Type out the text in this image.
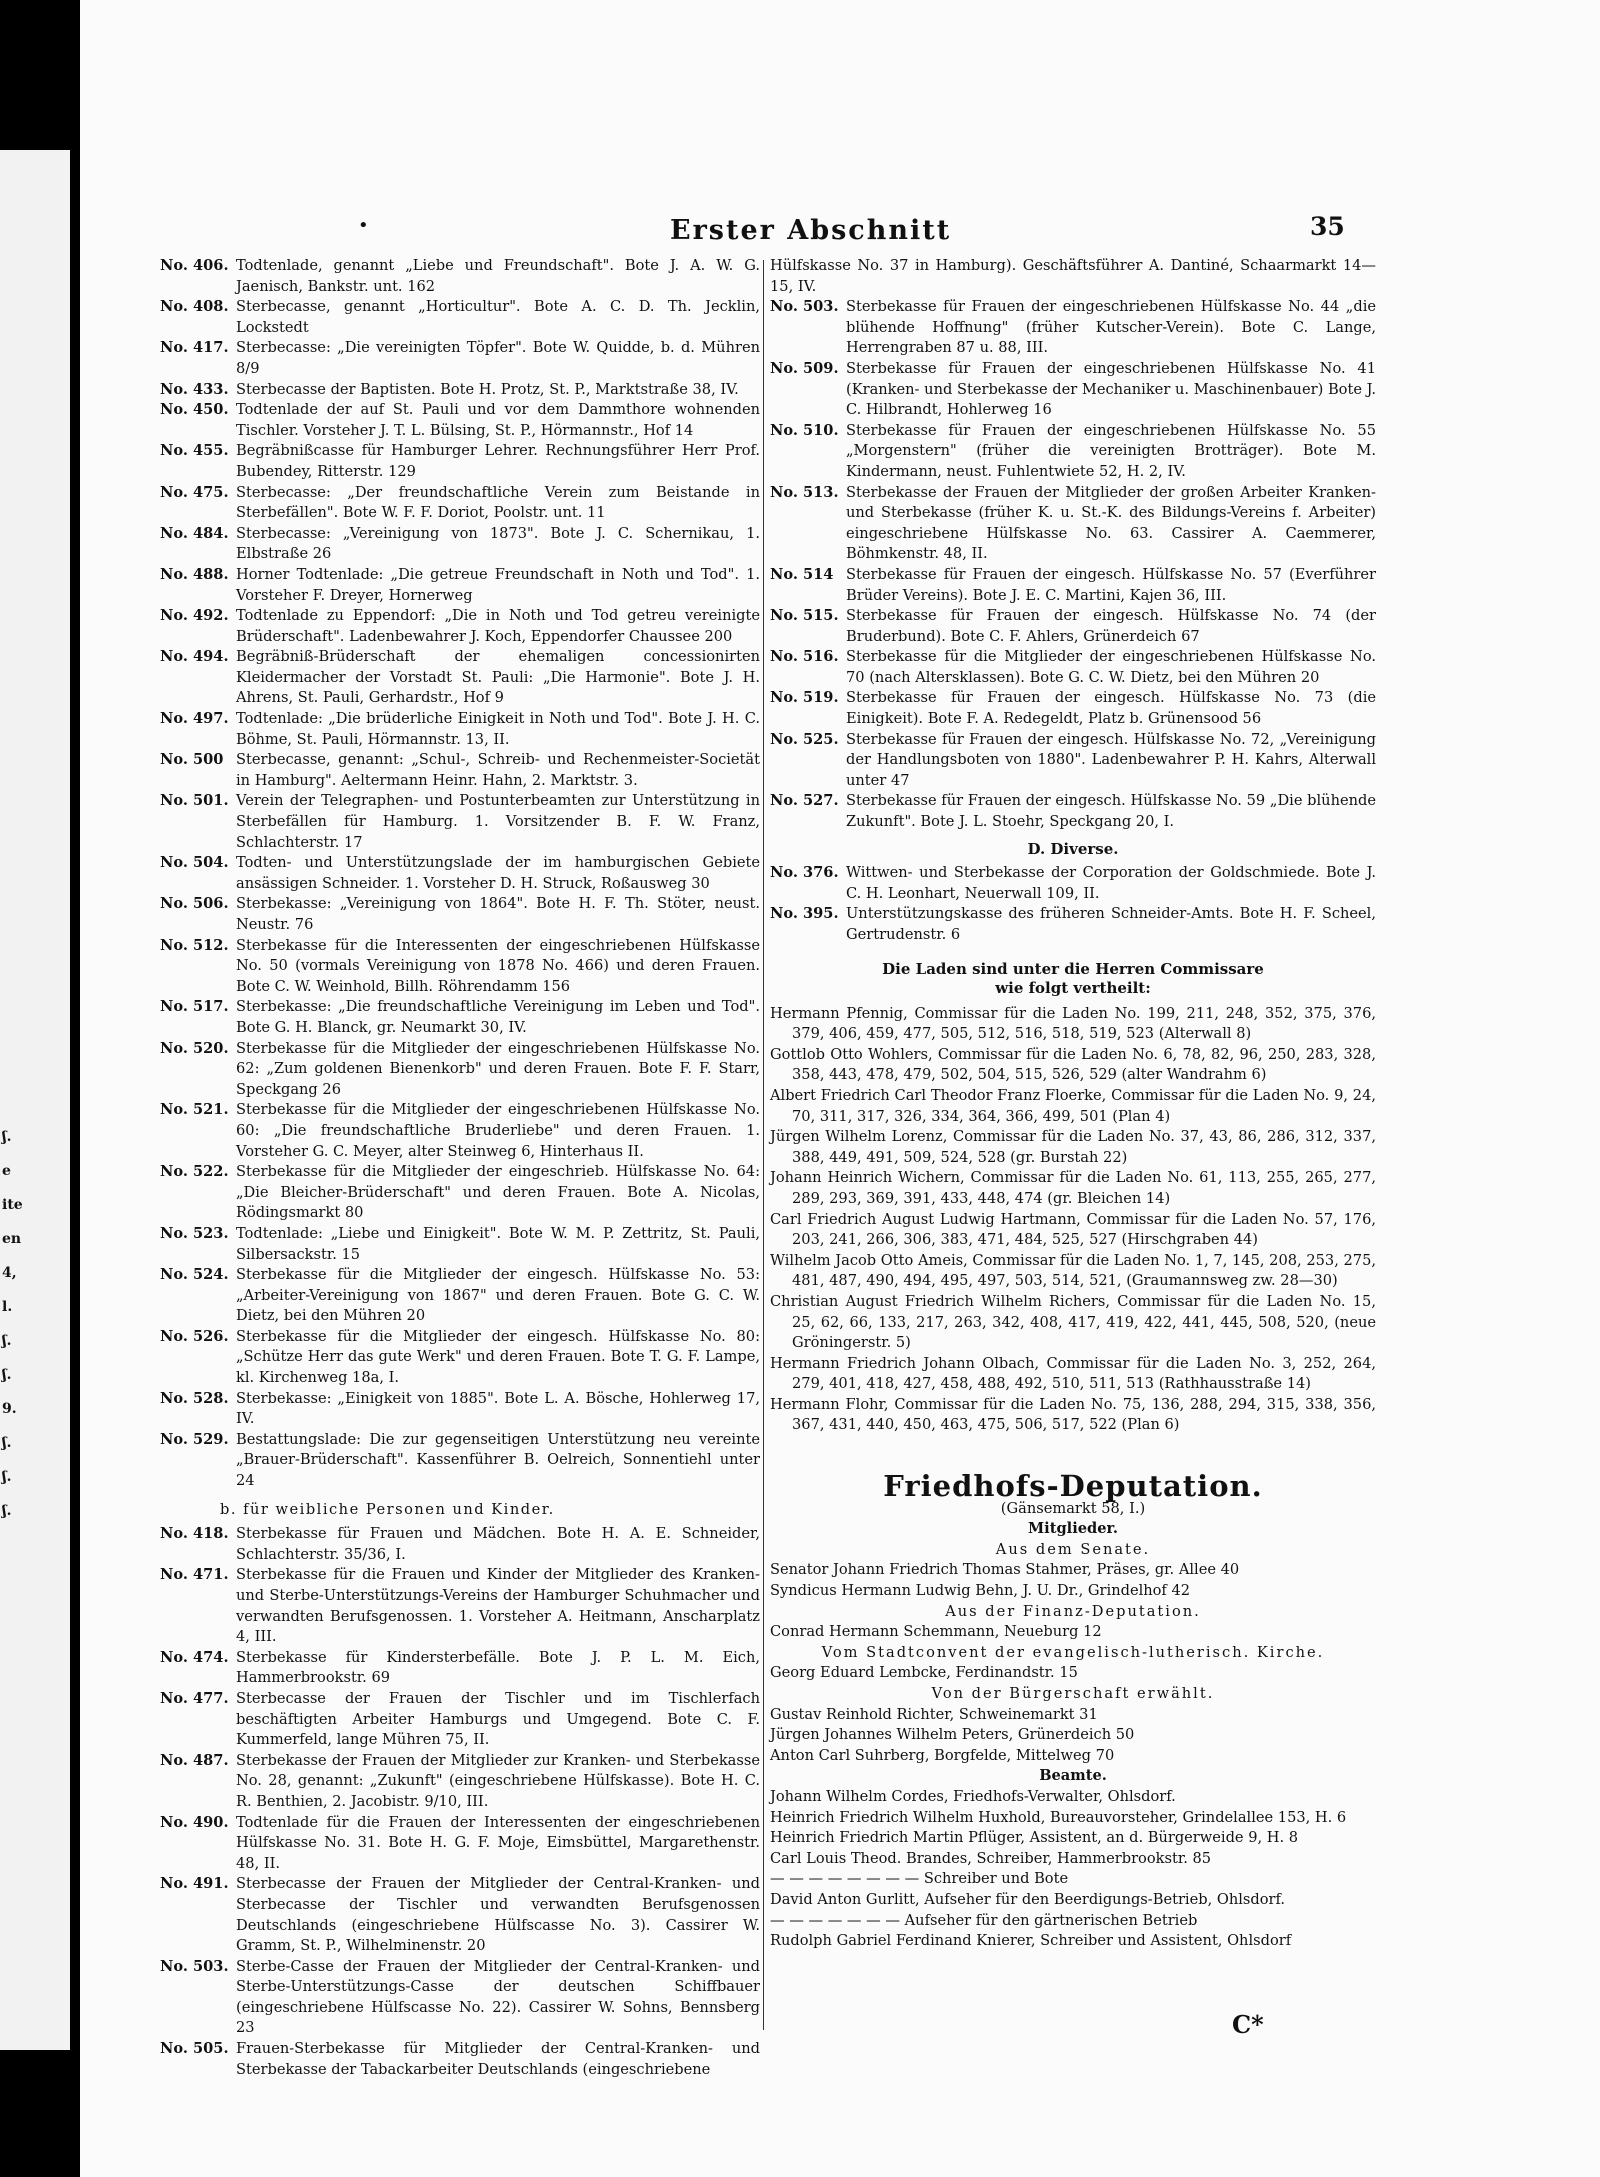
ʃ.
e
ite
en
4,
l.
ʃ.
ʃ.
9.
ʃ.
ʃ.
ʃ.
•	Erster Abschnitt	35
No. 406. Todtenlade, genannt „Liebe und Freundschaft". Bote J. A. W. G. Jaenisch, Bankstr. unt. 162
No. 408. Sterbecasse, genannt „Horticultur". Bote A. C. D. Th. Jecklin, Lockstedt
No. 417. Sterbecasse: „Die vereinigten Töpfer". Bote W. Quidde, b. d. Mühren 8/9
No. 433. Sterbecasse der Baptisten. Bote H. Protz, St. P., Marktstraße 38, IV.
No. 450. Todtenlade der auf St. Pauli und vor dem Dammthore wohnenden Tischler. Vorsteher J. T. L. Bülsing, St. P., Hörmannstr., Hof 14
No. 455. Begräbnißcasse für Hamburger Lehrer. Rechnungsführer Herr Prof. Bubendey, Ritterstr. 129
No. 475. Sterbecasse: „Der freundschaftliche Verein zum Beistande in Sterbefällen". Bote W. F. F. Doriot, Poolstr. unt. 11
No. 484. Sterbecasse: „Vereinigung von 1873". Bote J. C. Schernikau, 1. Elbstraße 26
No. 488. Horner Todtenlade: „Die getreue Freundschaft in Noth und Tod". 1. Vorsteher F. Dreyer, Hornerweg
No. 492. Todtenlade zu Eppendorf: „Die in Noth und Tod getreu vereinigte Brüderschaft". Ladenbewahrer J. Koch, Eppendorfer Chaussee 200
No. 494. Begräbniß-Brüderschaft der ehemaligen concessionirten Kleidermacher der Vorstadt St. Pauli: „Die Harmonie". Bote J. H. Ahrens, St. Pauli, Gerhardstr., Hof 9
No. 497. Todtenlade: „Die brüderliche Einigkeit in Noth und Tod". Bote J. H. C. Böhme, St. Pauli, Hörmannstr. 13, II.
No. 500 Sterbecasse, genannt: „Schul-, Schreib- und Rechenmeister-Societät in Hamburg". Aeltermann Heinr. Hahn, 2. Marktstr. 3.
No. 501. Verein der Telegraphen- und Postunterbeamten zur Unterstützung in Sterbefällen für Hamburg. 1. Vorsitzender B. F. W. Franz, Schlachterstr. 17
No. 504. Todten- und Unterstützungslade der im hamburgischen Gebiete ansässigen Schneider. 1. Vorsteher D. H. Struck, Roßausweg 30
No. 506. Sterbekasse: „Vereinigung von 1864". Bote H. F. Th. Stöter, neust. Neustr. 76
No. 512. Sterbekasse für die Interessenten der eingeschriebenen Hülfskasse No. 50 (vormals Vereinigung von 1878 No. 466) und deren Frauen. Bote C. W. Weinhold, Billh. Röhrendamm 156
No. 517. Sterbekasse: „Die freundschaftliche Vereinigung im Leben und Tod". Bote G. H. Blanck, gr. Neumarkt 30, IV.
No. 520. Sterbekasse für die Mitglieder der eingeschriebenen Hülfskasse No. 62: „Zum goldenen Bienenkorb" und deren Frauen. Bote F. F. Starr, Speckgang 26
No. 521. Sterbekasse für die Mitglieder der eingeschriebenen Hülfskasse No. 60: „Die freundschaftliche Bruderliebe" und deren Frauen. 1. Vorsteher G. C. Meyer, alter Steinweg 6, Hinterhaus II.
No. 522. Sterbekasse für die Mitglieder der eingeschrieb. Hülfskasse No. 64: „Die Bleicher-Brüderschaft" und deren Frauen. Bote A. Nicolas, Rödingsmarkt 80
No. 523. Todtenlade: „Liebe und Einigkeit". Bote W. M. P. Zettritz, St. Pauli, Silbersackstr. 15
No. 524. Sterbekasse für die Mitglieder der eingesch. Hülfskasse No. 53: „Arbeiter-Vereinigung von 1867" und deren Frauen. Bote G. C. W. Dietz, bei den Mühren 20
No. 526. Sterbekasse für die Mitglieder der eingesch. Hülfskasse No. 80: „Schütze Herr das gute Werk" und deren Frauen. Bote T. G. F. Lampe, kl. Kirchenweg 18a, I.
No. 528. Sterbekasse: „Einigkeit von 1885". Bote L. A. Bösche, Hohlerweg 17, IV.
No. 529. Bestattungslade: Die zur gegenseitigen Unterstützung neu vereinte „Brauer-Brüderschaft". Kassenführer B. Oelreich, Sonnentiehl unter 24
b. für weibliche Personen und Kinder.
No. 418. Sterbekasse für Frauen und Mädchen. Bote H. A. E. Schneider, Schlachterstr. 35/36, I.
No. 471. Sterbekasse für die Frauen und Kinder der Mitglieder des Kranken- und Sterbe-Unterstützungs-Vereins der Hamburger Schuhmacher und verwandten Berufsgenossen. 1. Vorsteher A. Heitmann, Anscharplatz 4, III.
No. 474. Sterbekasse für Kindersterbefälle. Bote J. P. L. M. Eich, Hammerbrookstr. 69
No. 477. Sterbecasse der Frauen der Tischler und im Tischlerfach beschäftigten Arbeiter Hamburgs und Umgegend. Bote C. F. Kummerfeld, lange Mühren 75, II.
No. 487. Sterbekasse der Frauen der Mitglieder zur Kranken- und Sterbekasse No. 28, genannt: „Zukunft" (eingeschriebene Hülfskasse). Bote H. C. R. Benthien, 2. Jacobistr. 9/10, III.
No. 490. Todtenlade für die Frauen der Interessenten der eingeschriebenen Hülfskasse No. 31. Bote H. G. F. Moje, Eimsbüttel, Margarethenstr. 48, II.
No. 491. Sterbecasse der Frauen der Mitglieder der Central-Kranken- und Sterbecasse der Tischler und verwandten Berufsgenossen Deutschlands (eingeschriebene Hülfscasse No. 3). Cassirer W. Gramm, St. P., Wilhelminenstr. 20
No. 503. Sterbe-Casse der Frauen der Mitglieder der Central-Kranken- und Sterbe-Unterstützungs-Casse der deutschen Schiffbauer (eingeschriebene Hülfscasse No. 22). Cassirer W. Sohns, Bennsberg 23
No. 505. Frauen-Sterbekasse für Mitglieder der Central-Kranken- und Sterbekasse der Tabackarbeiter Deutschlands (eingeschriebene
Hülfskasse No. 37 in Hamburg). Geschäftsführer A. Dantiné, Schaarmarkt 14—15, IV.
No. 503. Sterbekasse für Frauen der eingeschriebenen Hülfskasse No. 44 „die blühende Hoffnung" (früher Kutscher-Verein). Bote C. Lange, Herrengraben 87 u. 88, III.
No. 509. Sterbekasse für Frauen der eingeschriebenen Hülfskasse No. 41 (Kranken- und Sterbekasse der Mechaniker u. Maschinenbauer) Bote J. C. Hilbrandt, Hohlerweg 16
No. 510. Sterbekasse für Frauen der eingeschriebenen Hülfskasse No. 55 „Morgenstern" (früher die vereinigten Brotträger). Bote M. Kindermann, neust. Fuhlentwiete 52, H. 2, IV.
No. 513. Sterbekasse der Frauen der Mitglieder der großen Arbeiter Kranken- und Sterbekasse (früher K. u. St.-K. des Bildungs-Vereins f. Arbeiter) eingeschriebene Hülfskasse No. 63. Cassirer A. Caemmerer, Böhmkenstr. 48, II.
No. 514 Sterbekasse für Frauen der eingesch. Hülfskasse No. 57 (Everführer Brüder Vereins). Bote J. E. C. Martini, Kajen 36, III.
No. 515. Sterbekasse für Frauen der eingesch. Hülfskasse No. 74 (der Bruderbund). Bote C. F. Ahlers, Grünerdeich 67
No. 516. Sterbekasse für die Mitglieder der eingeschriebenen Hülfskasse No. 70 (nach Altersklassen). Bote G. C. W. Dietz, bei den Mühren 20
No. 519. Sterbekasse für Frauen der eingesch. Hülfskasse No. 73 (die Einigkeit). Bote F. A. Redegeldt, Platz b. Grünensood 56
No. 525. Sterbekasse für Frauen der eingesch. Hülfskasse No. 72, „Vereinigung der Handlungsboten von 1880". Ladenbewahrer P. H. Kahrs, Alterwall unter 47
No. 527. Sterbekasse für Frauen der eingesch. Hülfskasse No. 59 „Die blühende Zukunft". Bote J. L. Stoehr, Speckgang 20, I.
D. Diverse.
No. 376. Wittwen- und Sterbekasse der Corporation der Goldschmiede. Bote J. C. H. Leonhart, Neuerwall 109, II.
No. 395. Unterstützungskasse des früheren Schneider-Amts. Bote H. F. Scheel, Gertrudenstr. 6
Die Laden sind unter die Herren Commissare
wie folgt vertheilt:
Hermann Pfennig, Commissar für die Laden No. 199, 211, 248, 352, 375, 376, 379, 406, 459, 477, 505, 512, 516, 518, 519, 523 (Alterwall 8)
Gottlob Otto Wohlers, Commissar für die Laden No. 6, 78, 82, 96, 250, 283, 328, 358, 443, 478, 479, 502, 504, 515, 526, 529 (alter Wandrahm 6)
Albert Friedrich Carl Theodor Franz Floerke, Commissar für die Laden No. 9, 24, 70, 311, 317, 326, 334, 364, 366, 499, 501 (Plan 4)
Jürgen Wilhelm Lorenz, Commissar für die Laden No. 37, 43, 86, 286, 312, 337, 388, 449, 491, 509, 524, 528 (gr. Burstah 22)
Johann Heinrich Wichern, Commissar für die Laden No. 61, 113, 255, 265, 277, 289, 293, 369, 391, 433, 448, 474 (gr. Bleichen 14)
Carl Friedrich August Ludwig Hartmann, Commissar für die Laden No. 57, 176, 203, 241, 266, 306, 383, 471, 484, 525, 527 (Hirschgraben 44)
Wilhelm Jacob Otto Ameis, Commissar für die Laden No. 1, 7, 145, 208, 253, 275, 481, 487, 490, 494, 495, 497, 503, 514, 521, (Graumannsweg zw. 28—30)
Christian August Friedrich Wilhelm Richers, Commissar für die Laden No. 15, 25, 62, 66, 133, 217, 263, 342, 408, 417, 419, 422, 441, 445, 508, 520, (neue Gröningerstr. 5)
Hermann Friedrich Johann Olbach, Commissar für die Laden No. 3, 252, 264, 279, 401, 418, 427, 458, 488, 492, 510, 511, 513 (Rathhausstraße 14)
Hermann Flohr, Commissar für die Laden No. 75, 136, 288, 294, 315, 338, 356, 367, 431, 440, 450, 463, 475, 506, 517, 522 (Plan 6)
Friedhofs-Deputation.
(Gänsemarkt 58, I.)
Mitglieder.
Aus dem Senate.
Senator Johann Friedrich Thomas Stahmer, Präses, gr. Allee 40
Syndicus Hermann Ludwig Behn, J. U. Dr., Grindelhof 42
Aus der Finanz-Deputation.
Conrad Hermann Schemmann, Neueburg 12
Vom Stadtconvent der evangelisch-lutherisch. Kirche.
Georg Eduard Lembcke, Ferdinandstr. 15
Von der Bürgerschaft erwählt.
Gustav Reinhold Richter, Schweinemarkt 31
Jürgen Johannes Wilhelm Peters, Grünerdeich 50
Anton Carl Suhrberg, Borgfelde, Mittelweg 70
Beamte.
Johann Wilhelm Cordes, Friedhofs-Verwalter, Ohlsdorf.
Heinrich Friedrich Wilhelm Huxhold, Bureauvorsteher, Grindelallee 153, H. 6
Heinrich Friedrich Martin Pflüger, Assistent, an d. Bürgerweide 9, H. 8
Carl Louis Theod. Brandes, Schreiber, Hammerbrookstr. 85
— — — — — — — — Schreiber und Bote
David Anton Gurlitt, Aufseher für den Beerdigungs-Betrieb, Ohlsdorf.
— — — — — — — Aufseher für den gärtnerischen Betrieb
Rudolph Gabriel Ferdinand Knierer, Schreiber und Assistent, Ohlsdorf
C*
